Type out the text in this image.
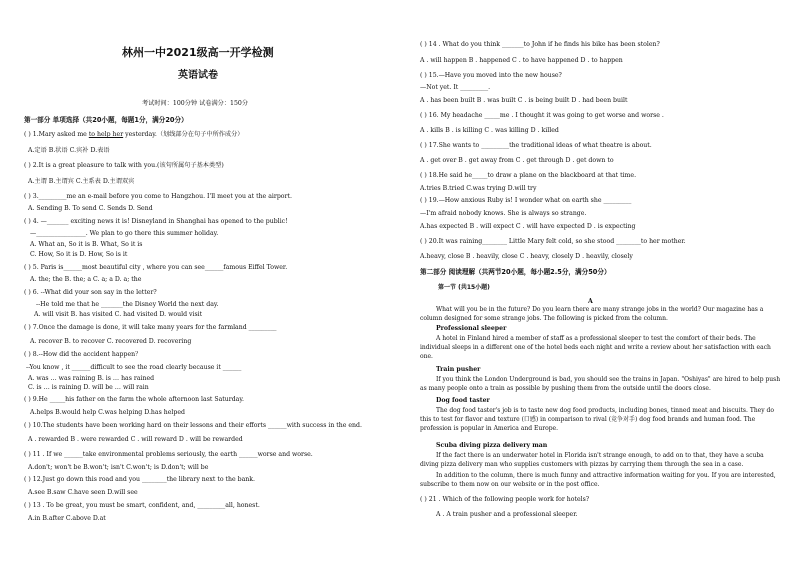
林州一中2021级高一开学检测
英语试卷
考试时间：100分钟 试卷满分：150分
第一部分 单项选择（共20小题，每题1分，满分20分）
( ) 1.Mary asked me to help her yesterday.（划线部分在句子中所作成分）
A.定语 B.状语 C.宾补 D.表语
( ) 2.It is a great pleasure to talk with you.(该句所属句子基本类型)
A.主谓 B.主谓宾 C.主系表 D.主谓双宾
( ) 3._________me an e-mail before you come to Hangzhou. I'll meet you at the airport.
A. Sending B. To send C. Sends D. Send
( ) 4. —_______ exciting news it is! Disneyland in Shanghai has opened to the public!
—________________. We plan to go there this summer holiday.
A. What an, So it is B. What, So it is
C. How, So it is D. How, So is it
( ) 5. Paris is______most beautiful city , where you can see______famous Eiffel Tower.
A. the; the B. the; a C. a; a D. a; the
( ) 6. --What did your son say in the letter?
--He told me that he _______the Disney World the next day.
A. will visit B. has visited C. had visited D. would visit
( ) 7.Once the damage is done, it will take many years for the farmland _________
A. recover B. to recover C. recovered D. recovering
( ) 8.--How did the accident happen？
--You know , it ______difficult to see the road clearly because it ______
A. was … was raining B. is … has rained
C. is … is raining D. will be … will rain
( ) 9.He _____his father on the farm the whole afternoon last Saturday.
A.helps B.would help C.was helping D.has helped
( ) 10.The students have been working hard on their lessons and their efforts ______with success in the end.
A . rewarded B . were rewarded C . will reward D . will be rewarded
( ) 11 . If we ______take environmental problems seriously, the earth ______worse and worse.
A.don't; won't be B.won't; isn't C.won't; is D.don't; will be
( ) 12.Just go down this road and you ________the library next to the bank.
A.see B.saw C.have seen D.will see
( ) 13 . To be great, you must be smart, confident, and, _________all, honest.
A.in B.after C.above D.at
( ) 14 . What do you think _______to John if he finds his bike has been stolen?
A . will happen B . happened C . to have happened D . to happen
( ) 15.—Have you moved into the new house?
—Not yet. It _________.
A . has been built B . was built C . is being built D . had been built
( ) 16. My headache _____me . I thought it was going to get worse and worse .
A . kills B . is killing C . was killing D . killed
( ) 17.She wants to _________the traditional ideas of what theatre is about.
A . get over B . get away from C . get through D . get down to
( ) 18.He said he_____to draw a plane on the blackboard at that time.
A.tries B.tried C.was trying D.will try
( ) 19.—How anxious Ruby is! I wonder what on earth she _________
—I'm afraid nobody knows. She is always so strange.
A.has expected B . will expect C . will have expected D . is expecting
( ) 20.It was raining________ Little Mary felt cold, so she stood ________to her mother.
A.heavy, close B . heavily, close C . heavy, closely D . heavily, closely
第二部分 阅读理解（共两节20小题，每小题2.5分，满分50分）
第一节 (共15小题)
A
What will you be in the future? Do you learn there are many strange jobs in the world? Our magazine has a column designed for some strange jobs. The following is picked from the column.
Professional sleeper
A hotel in Finland hired a member of staff as a professional sleeper to test the comfort of their beds. The individual sleeps in a different one of the hotel beds each night and write a review about her satisfaction with each one.
Train pusher
If you think the London Underground is bad, you should see the trains in Japan. "Oshiyas" are hired to help push as many people onto a train as possible by pushing them from the outside until the doors close.
Dog food taster
The dog food taster's job is to taste new dog food products, including bones, tinned meat and biscuits. They do this to test for flavor and texture (口感) in comparison to rival (竞争对手) dog food brands and human food. The profession is popular in America and Europe.
Scuba diving pizza delivery man
If the fact there is an underwater hotel in Florida isn't strange enough, to add on to that, they have a scuba diving pizza delivery man who supplies customers with pizzas by carrying them through the sea in a case.
In addition to the column, there is much funny and attractive information waiting for you. If you are interested, subscribe to them now on our website or in the post office.
( ) 21 . Which of the following people work for hotels?
A . A train pusher and a professional sleeper.
